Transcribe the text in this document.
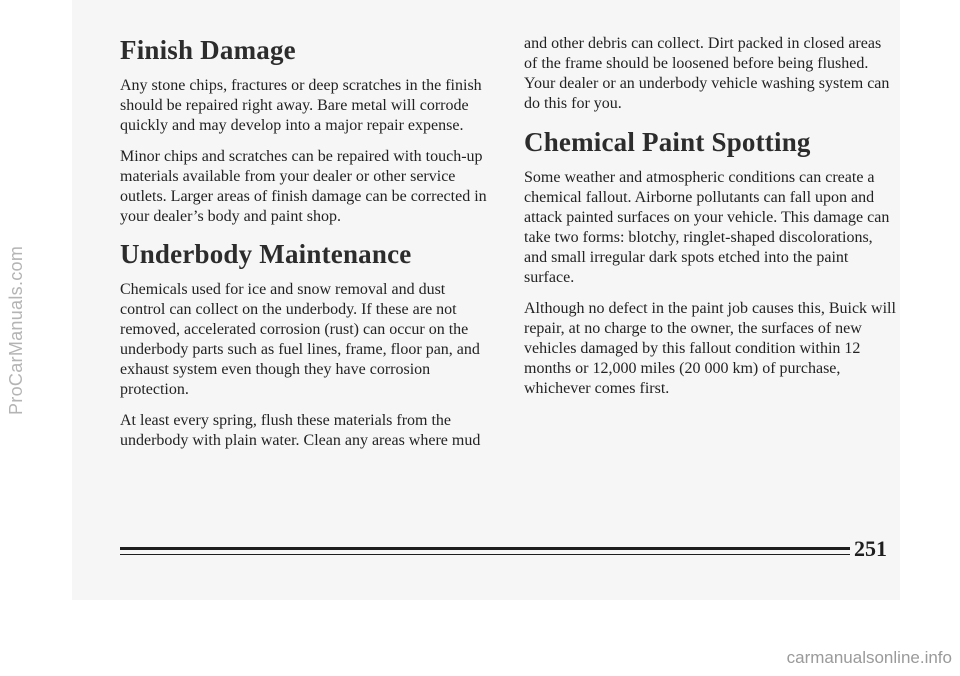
ProCarManuals.com
Finish Damage

Any stone chips, fractures or deep scratches in the finish should be repaired right away. Bare metal will corrode quickly and may develop into a major repair expense.

Minor chips and scratches can be repaired with touch-up materials available from your dealer or other service outlets. Larger areas of finish damage can be corrected in your dealer’s body and paint shop.

Underbody Maintenance

Chemicals used for ice and snow removal and dust control can collect on the underbody. If these are not removed, accelerated corrosion (rust) can occur on the underbody parts such as fuel lines, frame, floor pan, and exhaust system even though they have corrosion protection.

At least every spring, flush these materials from the underbody with plain water. Clean any areas where mud

and other debris can collect. Dirt packed in closed areas of the frame should be loosened before being flushed. Your dealer or an underbody vehicle washing system can do this for you.

Chemical Paint Spotting

Some weather and atmospheric conditions can create a chemical fallout. Airborne pollutants can fall upon and attack painted surfaces on your vehicle. This damage can take two forms: blotchy, ringlet-shaped discolorations, and small irregular dark spots etched into the paint surface.

Although no defect in the paint job causes this, Buick will repair, at no charge to the owner, the surfaces of new vehicles damaged by this fallout condition within 12 months or 12,000 miles (20 000 km) of purchase, whichever comes first.

251
carmanualsonline.info
